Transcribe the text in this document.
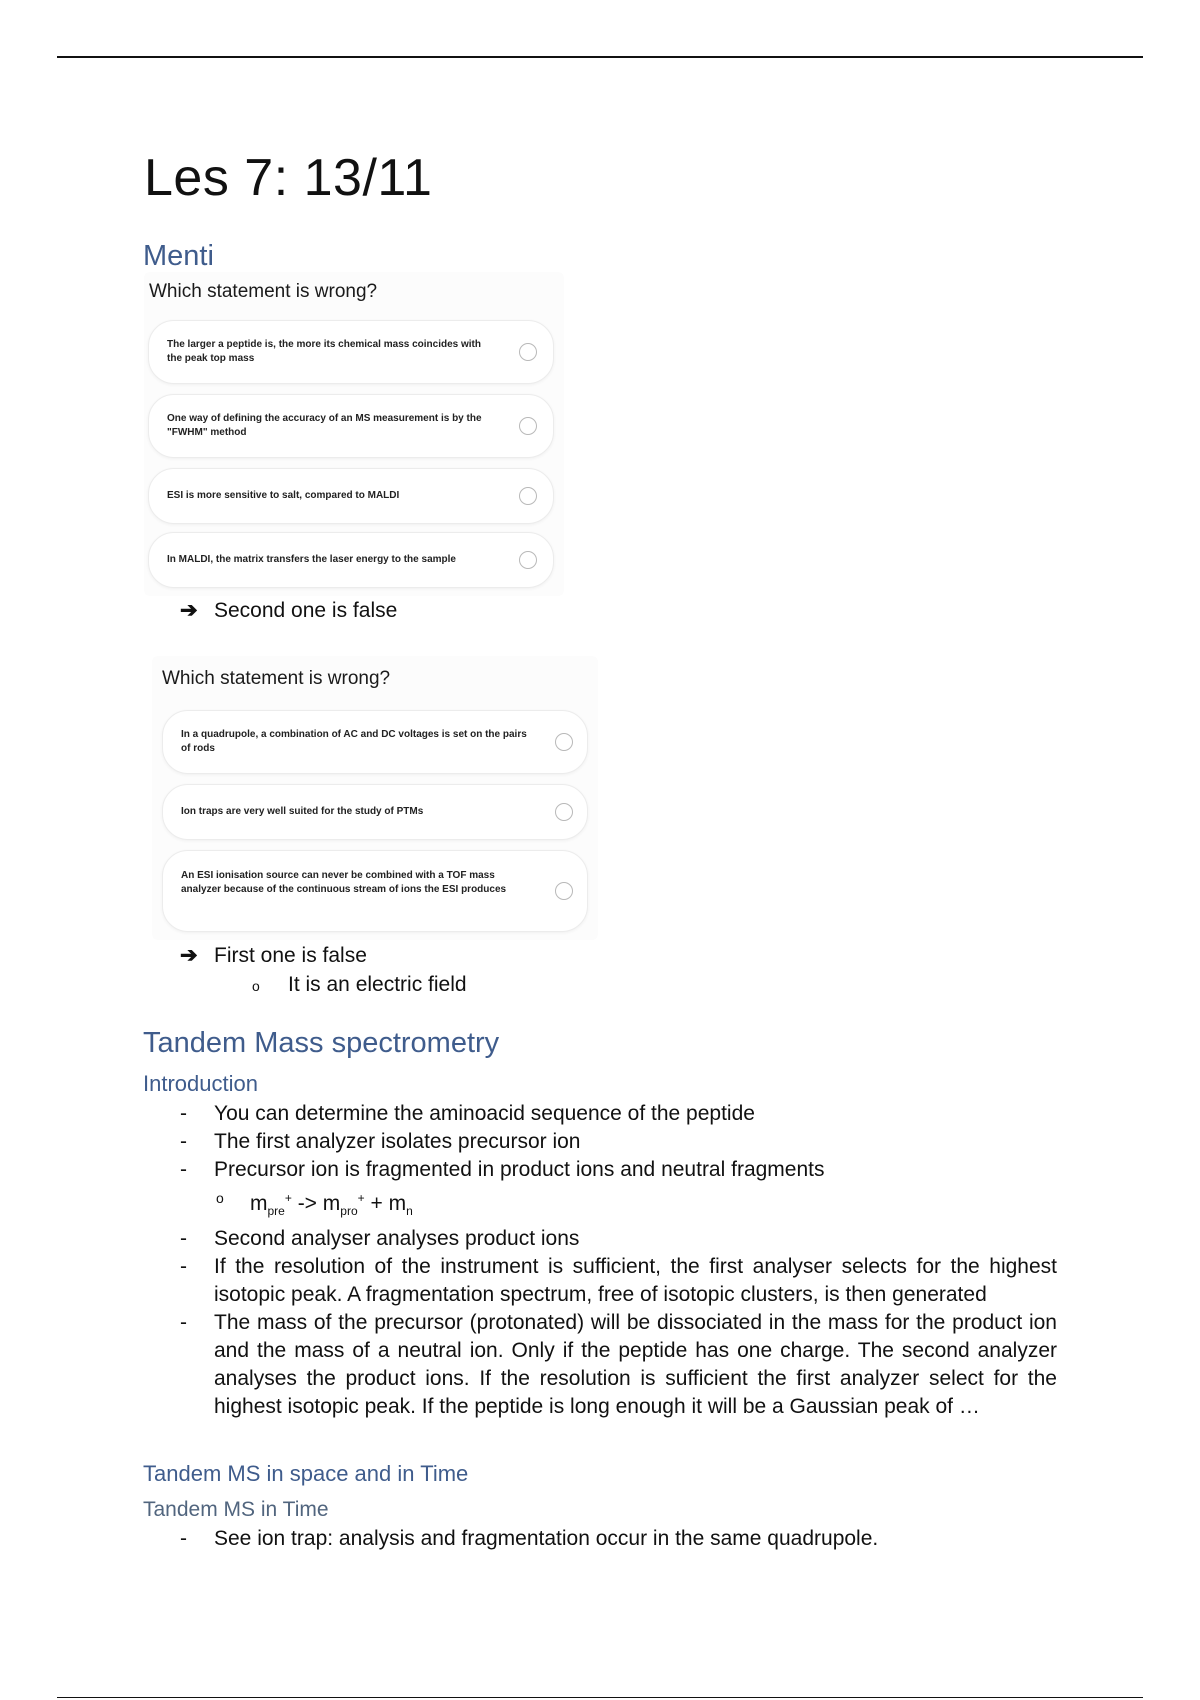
Les 7: 13/11
Menti
Which statement is wrong?
The larger a peptide is, the more its chemical mass coincides with the peak top mass
One way of defining the accuracy of an MS measurement is by the "FWHM" method
ESI is more sensitive to salt, compared to MALDI
In MALDI, the matrix transfers the laser energy to the sample
➔ Second one is false
Which statement is wrong?
In a quadrupole, a combination of AC and DC voltages is set on the pairs of rods
Ion traps are very well suited for the study of PTMs
An ESI ionisation source can never be combined with a TOF mass analyzer because of the continuous stream of ions the ESI produces
➔ First one is false
o It is an electric field
Tandem Mass spectrometry
Introduction
- You can determine the aminoacid sequence of the peptide
- The first analyzer isolates precursor ion
- Precursor ion is fragmented in product ions and neutral fragments
o $m_{pre}^+ -> m_{pro}^+ + m_n$
- Second analyser analyses product ions
- If the resolution of the instrument is sufficient, the first analyser selects for the highest isotopic peak. A fragmentation spectrum, free of isotopic clusters, is then generated
- The mass of the precursor (protonated) will be dissociated in the mass for the product ion and the mass of a neutral ion. Only if the peptide has one charge. The second analyzer analyses the product ions. If the resolution is sufficient the first analyzer select for the highest isotopic peak. If the peptide is long enough it will be a Gaussian peak of …
Tandem MS in space and in Time
Tandem MS in Time
- See ion trap: analysis and fragmentation occur in the same quadrupole.
